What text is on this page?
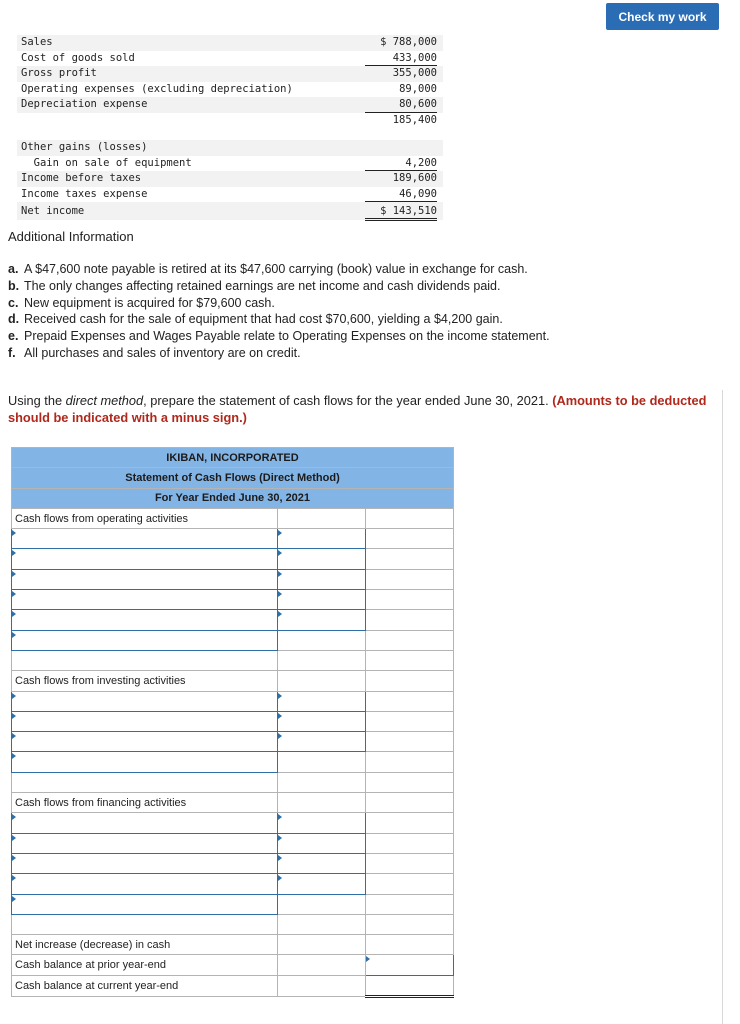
Check my work
Sales	$ 788,000
Cost of goods sold	433,000
Gross profit	355,000
Operating expenses (excluding depreciation)	89,000
Depreciation expense	80,600
185,400
Other gains (losses)
Gain on sale of equipment	4,200
Income before taxes	189,600
Income taxes expense	46,090
Net income	$ 143,510
Additional Information
a. A $47,600 note payable is retired at its $47,600 carrying (book) value in exchange for cash.
b. The only changes affecting retained earnings are net income and cash dividends paid.
c. New equipment is acquired for $79,600 cash.
d. Received cash for the sale of equipment that had cost $70,600, yielding a $4,200 gain.
e. Prepaid Expenses and Wages Payable relate to Operating Expenses on the income statement.
f. All purchases and sales of inventory are on credit.
Using the direct method, prepare the statement of cash flows for the year ended June 30, 2021. (Amounts to be deducted should be indicated with a minus sign.)
IKIBAN, INCORPORATED		
Statement of Cash Flows (Direct Method)		
For Year Ended June 30, 2021		
Cash flows from operating activities		

Cash flows from investing activities		

Cash flows from financing activities		

Net increase (decrease) in cash		
Cash balance at prior year-end		
Cash balance at current year-end		
